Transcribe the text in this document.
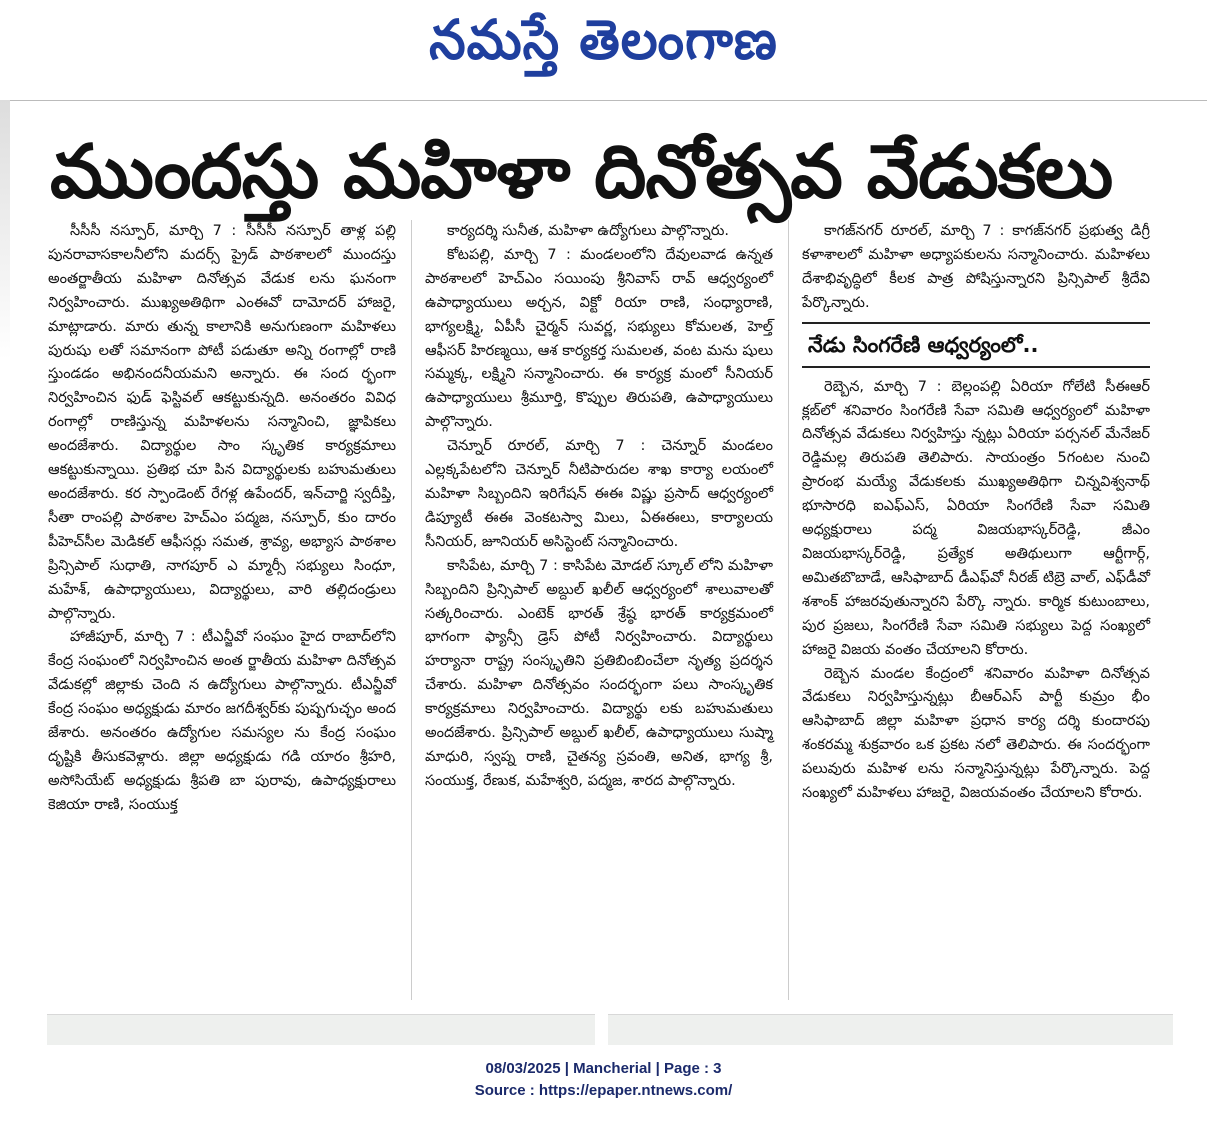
నమస్తే తెలంగాణ
ముందస్తు మహిళా దినోత్సవ వేడుకలు

సీసీసీ నస్పూర్, మార్చి 7 : సీసీసీ నస్పూర్ తాళ్ల పల్లి పునరావాసకాలనీలోని మదర్స్ ప్రైడ్ పాఠశాలలో ముందస్తు అంతర్జాతీయ మహిళా దినోత్సవ వేడుక లను ఘనంగా నిర్వహించారు. ముఖ్యఅతిథిగా ఎంఈవో దామోదర్ హాజరై, మాట్లాడారు. మారు తున్న కాలానికి అనుగుణంగా మహిళలు పురుషు లతో సమానంగా పోటీ పడుతూ అన్ని రంగాల్లో రాణి స్తుండడం అభినందనీయమని అన్నారు. ఈ సంద ర్భంగా నిర్వహించిన ఫుడ్ ఫెస్టివల్ ఆకట్టుకున్నది. అనంతరం వివిధ రంగాల్లో రాణిస్తున్న మహిళలను సన్మానించి, జ్ఞాపికలు అందజేశారు. విద్యార్థుల సాం స్కృతిక కార్యక్రమాలు ఆకట్టుకున్నాయి. ప్రతిభ చూ పిన విద్యార్థులకు బహుమతులు అందజేశారు. కర స్పాండెంట్ రేగళ్ల ఉపేందర్, ఇన్‌చార్జి స్వదీప్తి, సీతా రాంపల్లి పాఠశాల హెచ్‌ఎం పద్మజ, నస్పూర్, కుం దారం పీహెచ్‌సీల మెడికల్ ఆఫీసర్లు సమత, శ్రావ్య, అభ్యాస పాఠశాల ప్రిన్సిపాల్ సుధాతి, నాగపూర్ ఎ మ్మార్సీ సభ్యులు సింధూ, మహేశ్, ఉపాధ్యాయులు, విద్యార్థులు, వారి తల్లిదండ్రులు పాల్గొన్నారు.

హాజీపూర్, మార్చి 7 : టీఎన్జీవో సంఘం హైద రాబాద్‌లోని కేంద్ర సంఘంలో నిర్వహించిన అంత ర్జాతీయ మహిళా దినోత్సవ వేడుకల్లో జిల్లాకు చెంది న ఉద్యోగులు పాల్గొన్నారు. టీఎన్జీవో కేంద్ర సంఘం అధ్యక్షుడు మారం జగదీశ్వర్‌కు పుష్పగుచ్ఛం అంద జేశారు. అనంతరం ఉద్యోగుల సమస్యల ను కేంద్ర సంఘం దృష్టికి తీసుకవెళ్లారు. జిల్లా అధ్యక్షుడు గడి యారం శ్రీహరి, అసోసియేట్ అధ్యక్షుడు శ్రీపతి బా పురావు, ఉపాధ్యక్షురాలు కెజియా రాణి, సంయుక్త

కార్యదర్శి సునీత, మహిళా ఉద్యోగులు పాల్గొన్నారు.

కోటపల్లి, మార్చి 7 : మండలంలోని దేవులవాడ ఉన్నత పాఠశాలలో హెచ్‌ఎం సయింపు శ్రీనివాస్ రావ్ ఆధ్వర్యంలో ఉపాధ్యాయులు అర్చన, విక్టో రియా రాణి, సంధ్యారాణి, భాగ్యలక్ష్మి, ఏపీసీ చైర్మన్ సువర్ణ, సభ్యులు కోమలత, హెల్త్ ఆఫీసర్ హిరణ్మయి, ఆశ కార్యకర్త సుమలత, వంట మను షులు సమ్మక్క, లక్ష్మిని సన్మానించారు. ఈ కార్యక్ర మంలో సీనియర్ ఉపాధ్యాయులు శ్రీమూర్తి, కొప్పుల తిరుపతి, ఉపాధ్యాయులు పాల్గొన్నారు.

చెన్నూర్ రూరల్, మార్చి 7 : చెన్నూర్ మండలం ఎల్లక్కపేటలోని చెన్నూర్ నీటిపారుదల శాఖ కార్యా లయంలో మహిళా సిబ్బందిని ఇరిగేషన్ ఈఈ విష్ణు ప్రసాద్ ఆధ్వర్యంలో డిప్యూటీ ఈఈ వెంకటస్వా మిలు, ఏఈఈలు, కార్యాలయ సీనియర్, జూనియర్ అసిస్టెంట్ సన్మానించారు.

కాసిపేట, మార్చి 7 : కాసిపేట మోడల్ స్కూల్ లోని మహిళా సిబ్బందిని ప్రిన్సిపాల్ అబ్దుల్ ఖలీల్ ఆధ్వర్యంలో శాలువాలతో సత్కరించారు. ఎంటెక్ భారత్ శ్రేష్ఠ భారత్ కార్యక్రమంలో భాగంగా ఫ్యాన్సీ డ్రెస్ పోటీ నిర్వహించారు. విద్యార్థులు హర్యానా రాష్ట్ర సంస్కృతిని ప్రతిబింబించేలా నృత్య ప్రదర్శన చేశారు. మహిళా దినోత్సవం సందర్భంగా పలు సాంస్కృతిక కార్యక్రమాలు నిర్వహించారు. విద్యార్థు లకు బహుమతులు అందజేశారు. ప్రిన్సిపాల్ అబ్దుల్ ఖలీల్, ఉపాధ్యాయులు సుష్మా మాధురి, స్వప్న రాణి, చైతన్య స్రవంతి, అనిత, భాగ్య శ్రీ, సంయుక్త, రేణుక, మహేశ్వరి, పద్మజ, శారద పాల్గొన్నారు.

కాగజ్‌నగర్ రూరల్, మార్చి 7 : కాగజ్‌నగర్ ప్రభుత్వ డిగ్రీ కళాశాలలో మహిళా అధ్యాపకులను సన్మానించారు. మహిళలు దేశాభివృద్ధిలో కీలక పాత్ర పోషిస్తున్నారని ప్రిన్సిపాల్ శ్రీదేవి పేర్కొన్నారు.

నేడు సింగరేణి ఆధ్వర్యంలో..

రెబ్బెన, మార్చి 7 : బెల్లంపల్లి ఏరియా గోలేటి సీఈఆర్ క్లబ్‌లో శనివారం సింగరేణి సేవా సమితి ఆధ్వర్యంలో మహిళా దినోత్సవ వేడుకలు నిర్వహిస్తు న్నట్లు ఏరియా పర్సనల్ మేనేజర్ రెడ్డిమల్ల తిరుపతి తెలిపారు. సాయంత్రం 5గంటల నుంచి ప్రారంభ మయ్యే వేడుకలకు ముఖ్యఅతిథిగా చిన్నవిశ్వనాథ్ భూసారధి ఐఎఫ్‌ఎస్, ఏరియా సింగరేణి సేవా సమితి అధ్యక్షురాలు పద్మ విజయభాస్కర్‌రెడ్డి, జీఎం విజయభాస్కర్‌రెడ్డి, ప్రత్యేక అతిథులుగా ఆర్టీగార్గ్, అమితబొబాడే, ఆసిఫాబాద్ డీఎఫ్‌వో నీరజ్ టిబ్రె వాల్, ఎఫ్‌డీవో శశాంక్ హాజరవుతున్నారని పేర్కొ న్నారు. కార్మిక కుటుంబాలు, పుర ప్రజలు, సింగరేణి సేవా సమితి సభ్యులు పెద్ద సంఖ్యలో హాజరై విజయ వంతం చేయాలని కోరారు.

రెబ్బెన మండల కేంద్రంలో శనివారం మహిళా దినోత్సవ వేడుకలు నిర్వహిస్తున్నట్లు బీఆర్‌ఎస్ పార్టీ కుమ్రం భీం ఆసిఫాబాద్ జిల్లా మహిళా ప్రధాన కార్య దర్శి కుందారపు శంకరమ్మ శుక్రవారం ఒక ప్రకట నలో తెలిపారు. ఈ సందర్భంగా పలువురు మహిళ లను సన్మానిస్తున్నట్లు పేర్కొన్నారు. పెద్ద సంఖ్యలో మహిళలు హాజరై, విజయవంతం చేయాలని కోరారు.

08/03/2025 | Mancherial | Page : 3
Source : https://epaper.ntnews.com/
